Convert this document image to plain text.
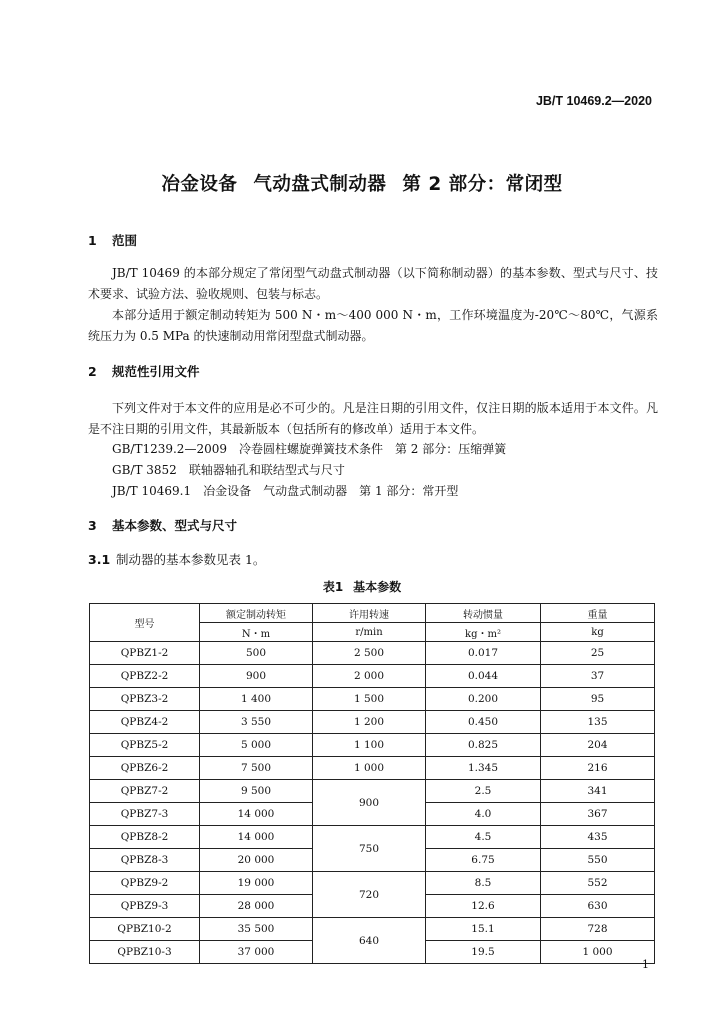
JB/T 10469.2—2020
冶金设备 气动盘式制动器 第 2 部分：常闭型
1 范围
JB/T 10469 的本部分规定了常闭型气动盘式制动器（以下简称制动器）的基本参数、型式与尺寸、技术要求、试验方法、验收规则、包装与标志。
本部分适用于额定制动转矩为 500 N・m～400 000 N・m，工作环境温度为-20℃～80℃，气源系统压力为 0.5 MPa 的快速制动用常闭型盘式制动器。
2 规范性引用文件
下列文件对于本文件的应用是必不可少的。凡是注日期的引用文件，仅注日期的版本适用于本文件。凡是不注日期的引用文件，其最新版本（包括所有的修改单）适用于本文件。
GB/T1239.2—2009 冷卷圆柱螺旋弹簧技术条件　第 2 部分：压缩弹簧
GB/T 3852 联轴器轴孔和联结型式与尺寸
JB/T 10469.1 冶金设备　气动盘式制动器　第 1 部分：常开型
3 基本参数、型式与尺寸
3.1 制动器的基本参数见表 1。
表1 基本参数
型号	额定制动转矩	许用转速	转动惯量	重量
	N・m	r/min	kg・m²	kg
QPBZ1-2	500	2 500	0.017	25
QPBZ2-2	900	2 000	0.044	37
QPBZ3-2	1 400	1 500	0.200	95
QPBZ4-2	3 550	1 200	0.450	135
QPBZ5-2	5 000	1 100	0.825	204
QPBZ6-2	7 500	1 000	1.345	216
QPBZ7-2	9 500	900	2.5	341
QPBZ7-3	14 000		4.0	367
QPBZ8-2	14 000	750	4.5	435
QPBZ8-3	20 000		6.75	550
QPBZ9-2	19 000	720	8.5	552
QPBZ9-3	28 000		12.6	630
QPBZ10-2	35 500	640	15.1	728
QPBZ10-3	37 000		19.5	1 000
1
